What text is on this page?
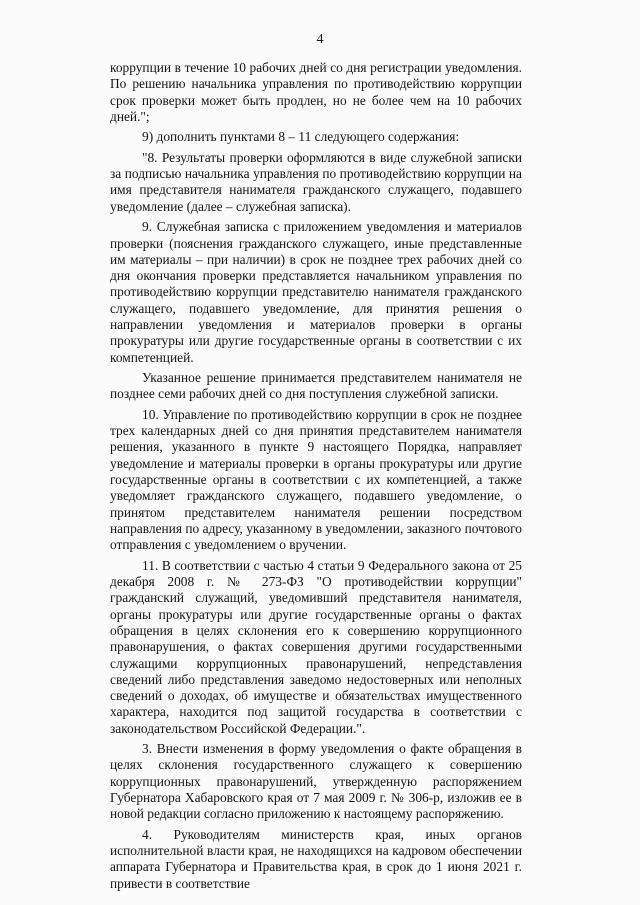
4

коррупции в течение 10 рабочих дней со дня регистрации уведомления. По решению начальника управления по противодействию коррупции срок проверки может быть продлен, но не более чем на 10 рабочих дней.";

9) дополнить пунктами 8 – 11 следующего содержания:

"8. Результаты проверки оформляются в виде служебной записки за подписью начальника управления по противодействию коррупции на имя представителя нанимателя гражданского служащего, подавшего уведомление (далее – служебная записка).

9. Служебная записка с приложением уведомления и материалов проверки (пояснения гражданского служащего, иные представленные им материалы – при наличии) в срок не позднее трех рабочих дней со дня окончания проверки представляется начальником управления по противодействию коррупции представителю нанимателя гражданского служащего, подавшего уведомление, для принятия решения о направлении уведомления и материалов проверки в органы прокуратуры или другие государственные органы в соответствии с их компетенцией.

Указанное решение принимается представителем нанимателя не позднее семи рабочих дней со дня поступления служебной записки.

10. Управление по противодействию коррупции в срок не позднее трех календарных дней со дня принятия представителем нанимателя решения, указанного в пункте 9 настоящего Порядка, направляет уведомление и материалы проверки в органы прокуратуры или другие государственные органы в соответствии с их компетенцией, а также уведомляет гражданского служащего, подавшего уведомление, о принятом представителем нанимателя решении посредством направления по адресу, указанному в уведомлении, заказного почтового отправления с уведомлением о вручении.

11. В соответствии с частью 4 статьи 9 Федерального закона от 25 декабря 2008 г. № 273-ФЗ "О противодействии коррупции" гражданский служащий, уведомивший представителя нанимателя, органы прокуратуры или другие государственные органы о фактах обращения в целях склонения его к совершению коррупционного правонарушения, о фактах совершения другими государственными служащими коррупционных правонарушений, непредставления сведений либо представления заведомо недостоверных или неполных сведений о доходах, об имуществе и обязательствах имущественного характера, находится под защитой государства в соответствии с законодательством Российской Федерации.".

3. Внести изменения в форму уведомления о факте обращения в целях склонения государственного служащего к совершению коррупционных правонарушений, утвержденную распоряжением Губернатора Хабаровского края от 7 мая 2009 г. № 306-р, изложив ее в новой редакции согласно приложению к настоящему распоряжению.

4. Руководителям министерств края, иных органов исполнительной власти края, не находящихся на кадровом обеспечении аппарата Губернатора и Правительства края, в срок до 1 июня 2021 г. привести в соответствие
